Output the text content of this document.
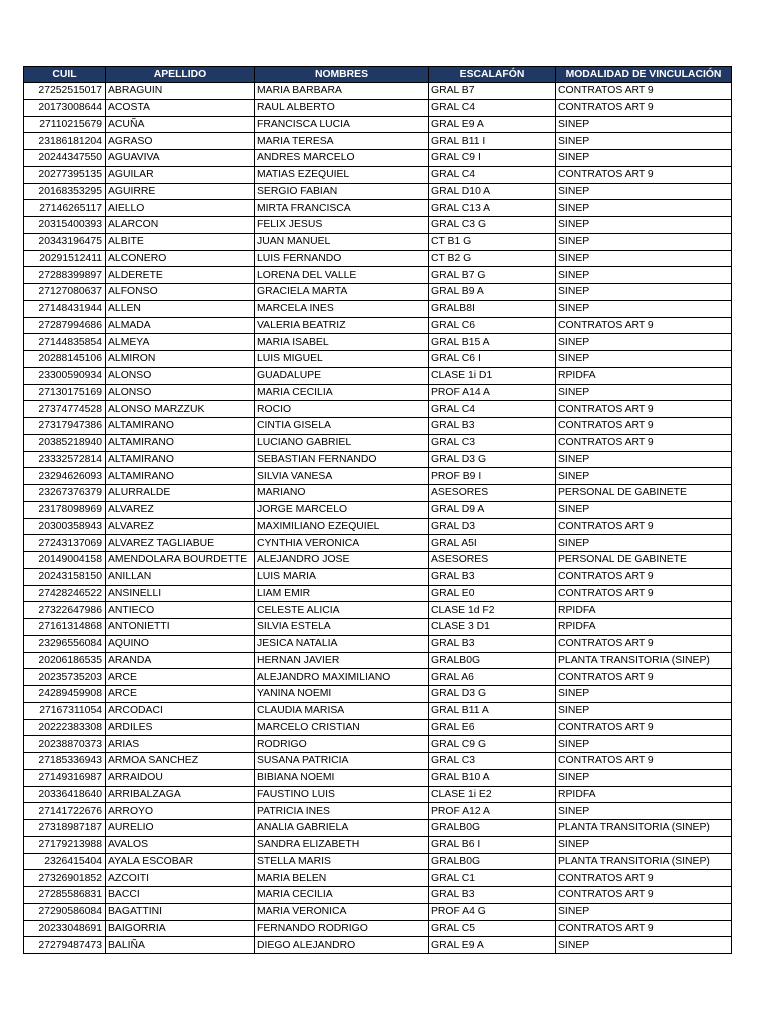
CUIL	APELLIDO	NOMBRES	ESCALAFÓN	MODALIDAD DE VINCULACIÓN
27252515017	ABRAGUIN	MARIA BARBARA	GRAL B7	CONTRATOS ART 9
20173008644	ACOSTA	RAUL ALBERTO	GRAL C4	CONTRATOS ART 9
27110215679	ACUÑA	FRANCISCA LUCIA	GRAL E9 A	SINEP
23186181204	AGRASO	MARIA TERESA	GRAL B11 I	SINEP
20244347550	AGUAVIVA	ANDRES MARCELO	GRAL C9 I	SINEP
20277395135	AGUILAR	MATIAS EZEQUIEL	GRAL C4	CONTRATOS ART 9
20168353295	AGUIRRE	SERGIO FABIAN	GRAL D10 A	SINEP
27146265117	AIELLO	MIRTA FRANCISCA	GRAL C13 A	SINEP
20315400393	ALARCON	FELIX JESUS	GRAL C3 G	SINEP
20343196475	ALBITE	JUAN MANUEL	CT B1 G	SINEP
20291512411	ALCONERO	LUIS FERNANDO	CT B2 G	SINEP
27288399897	ALDERETE	LORENA DEL VALLE	GRAL B7 G	SINEP
27127080637	ALFONSO	GRACIELA MARTA	GRAL B9 A	SINEP
27148431944	ALLEN	MARCELA INES	GRALB8I	SINEP
27287994686	ALMADA	VALERIA BEATRIZ	GRAL C6	CONTRATOS ART 9
27144835854	ALMEYA	MARIA ISABEL	GRAL B15 A	SINEP
20288145106	ALMIRON	LUIS MIGUEL	GRAL C6 I	SINEP
23300590934	ALONSO	GUADALUPE	CLASE 1i D1	RPIDFA
27130175169	ALONSO	MARIA CECILIA	PROF A14 A	SINEP
27374774528	ALONSO MARZZUK	ROCIO	GRAL C4	CONTRATOS ART 9
27317947386	ALTAMIRANO	CINTIA GISELA	GRAL B3	CONTRATOS ART 9
20385218940	ALTAMIRANO	LUCIANO GABRIEL	GRAL C3	CONTRATOS ART 9
23332572814	ALTAMIRANO	SEBASTIAN FERNANDO	GRAL D3 G	SINEP
23294626093	ALTAMIRANO	SILVIA VANESA	PROF B9 I	SINEP
23267376379	ALURRALDE	MARIANO	ASESORES	PERSONAL DE GABINETE
23178098969	ALVAREZ	JORGE MARCELO	GRAL D9 A	SINEP
20300358943	ALVAREZ	MAXIMILIANO EZEQUIEL	GRAL D3	CONTRATOS ART 9
27243137069	ALVAREZ TAGLIABUE	CYNTHIA VERONICA	GRAL A5I	SINEP
20149004158	AMENDOLARA BOURDETTE	ALEJANDRO JOSE	ASESORES	PERSONAL DE GABINETE
20243158150	ANILLAN	LUIS MARIA	GRAL B3	CONTRATOS ART 9
27428246522	ANSINELLI	LIAM EMIR	GRAL E0	CONTRATOS ART 9
27322647986	ANTIECO	CELESTE ALICIA	CLASE 1d F2	RPIDFA
27161314868	ANTONIETTI	SILVIA ESTELA	CLASE 3 D1	RPIDFA
23296556084	AQUINO	JESICA NATALIA	GRAL B3	CONTRATOS ART 9
20206186535	ARANDA	HERNAN JAVIER	GRALB0G	PLANTA TRANSITORIA (SINEP)
20235735203	ARCE	ALEJANDRO MAXIMILIANO	GRAL A6	CONTRATOS ART 9
24289459908	ARCE	YANINA NOEMI	GRAL D3 G	SINEP
27167311054	ARCODACI	CLAUDIA MARISA	GRAL B11 A	SINEP
20222383308	ARDILES	MARCELO CRISTIAN	GRAL E6	CONTRATOS ART 9
20238870373	ARIAS	RODRIGO	GRAL C9 G	SINEP
27185336943	ARMOA SANCHEZ	SUSANA PATRICIA	GRAL C3	CONTRATOS ART 9
27149316987	ARRAIDOU	BIBIANA NOEMI	GRAL B10 A	SINEP
20336418640	ARRIBALZAGA	FAUSTINO LUIS	CLASE 1i E2	RPIDFA
27141722676	ARROYO	PATRICIA INES	PROF A12 A	SINEP
27318987187	AURELIO	ANALIA GABRIELA	GRALB0G	PLANTA TRANSITORIA (SINEP)
27179213988	AVALOS	SANDRA ELIZABETH	GRAL B6 I	SINEP
2326415404	AYALA ESCOBAR	STELLA MARIS	GRALB0G	PLANTA TRANSITORIA (SINEP)
27326901852	AZCOITI	MARIA BELEN	GRAL C1	CONTRATOS ART 9
27285586831	BACCI	MARIA CECILIA	GRAL B3	CONTRATOS ART 9
27290586084	BAGATTINI	MARIA VERONICA	PROF A4 G	SINEP
20233048691	BAIGORRIA	FERNANDO RODRIGO	GRAL C5	CONTRATOS ART 9
27279487473	BALIÑA	DIEGO ALEJANDRO	GRAL E9 A	SINEP
